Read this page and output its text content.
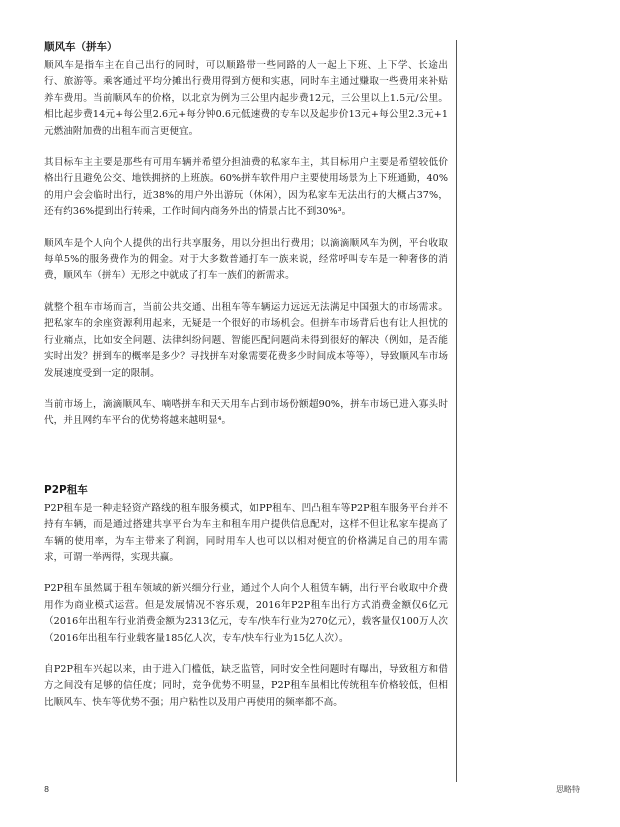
顺风车（拼车）

顺风车是指车主在自己出行的同时，可以顺路带一些同路的人一起上下班、上下学、长途出行、旅游等。乘客通过平均分摊出行费用得到方便和实惠，同时车主通过赚取一些费用来补贴养车费用。当前顺风车的价格，以北京为例为三公里内起步费12元，三公里以上1.5元/公里。相比起步费14元+每公里2.6元+每分钟0.6元低速费的专车以及起步价13元+每公里2.3元+1元燃油附加费的出租车而言更便宜。

其目标车主主要是那些有可用车辆并希望分担油费的私家车主，其目标用户主要是希望较低价格出行且避免公交、地铁拥挤的上班族。60%拼车软件用户主要使用场景为上下班通勤，40% 的用户会会临时出行，近38%的用户外出游玩（休闲），因为私家车无法出行的大概占37%，还有约36%提到出行转乘，工作时间内商务外出的情景占比不到30%³。

顺风车是个人向个人提供的出行共享服务，用以分担出行费用；以滴滴顺风车为例，平台收取每单5%的服务费作为的佣金。对于大多数普通打车一族来说，经常呼叫专车是一种奢侈的消费，顺风车（拼车）无形之中就成了打车一族们的新需求。

就整个租车市场而言，当前公共交通、出租车等车辆运力远远无法满足中国强大的市场需求。把私家车的余座资源利用起来，无疑是一个很好的市场机会。但拼车市场背后也有让人担忧的行业痛点，比如安全问题、法律纠纷问题、智能匹配问题尚未得到很好的解决（例如，是否能实时出发？拼到车的概率是多少？寻找拼车对象需要花费多少时间成本等等），导致顺风车市场发展速度受到一定的限制。

当前市场上，滴滴顺风车、嘀嗒拼车和天天用车占到市场份额超90%，拼车市场已进入寡头时代，并且网约车平台的优势将越来越明显⁴。

P2P租车

P2P租车是一种走轻资产路线的租车服务模式，如PP租车、凹凸租车等P2P租车服务平台并不持有车辆，而是通过搭建共享平台为车主和租车用户提供信息配对，这样不但让私家车提高了车辆的使用率，为车主带来了利润，同时用车人也可以以相对便宜的价格满足自己的用车需求，可谓一举两得，实现共赢。

P2P租车虽然属于租车领域的新兴细分行业，通过个人向个人租赁车辆，出行平台收取中介费用作为商业模式运营。但是发展情况不容乐观，2016年P2P租车出行方式消费金额仅6亿元（2016年出租车行业消费金额为2313亿元，专车/快车行业为270亿元），载客量仅100万人次（2016年出租车行业载客量185亿人次，专车/快车行业为15亿人次）。

自P2P租车兴起以来，由于进入门槛低，缺乏监管，同时安全性问题时有曝出，导致租方和借方之间没有足够的信任度；同时，竞争优势不明显，P2P租车虽相比传统租车价格较低，但相比顺风车、快车等优势不强；用户粘性以及用户再使用的频率都不高。

8	思略特
